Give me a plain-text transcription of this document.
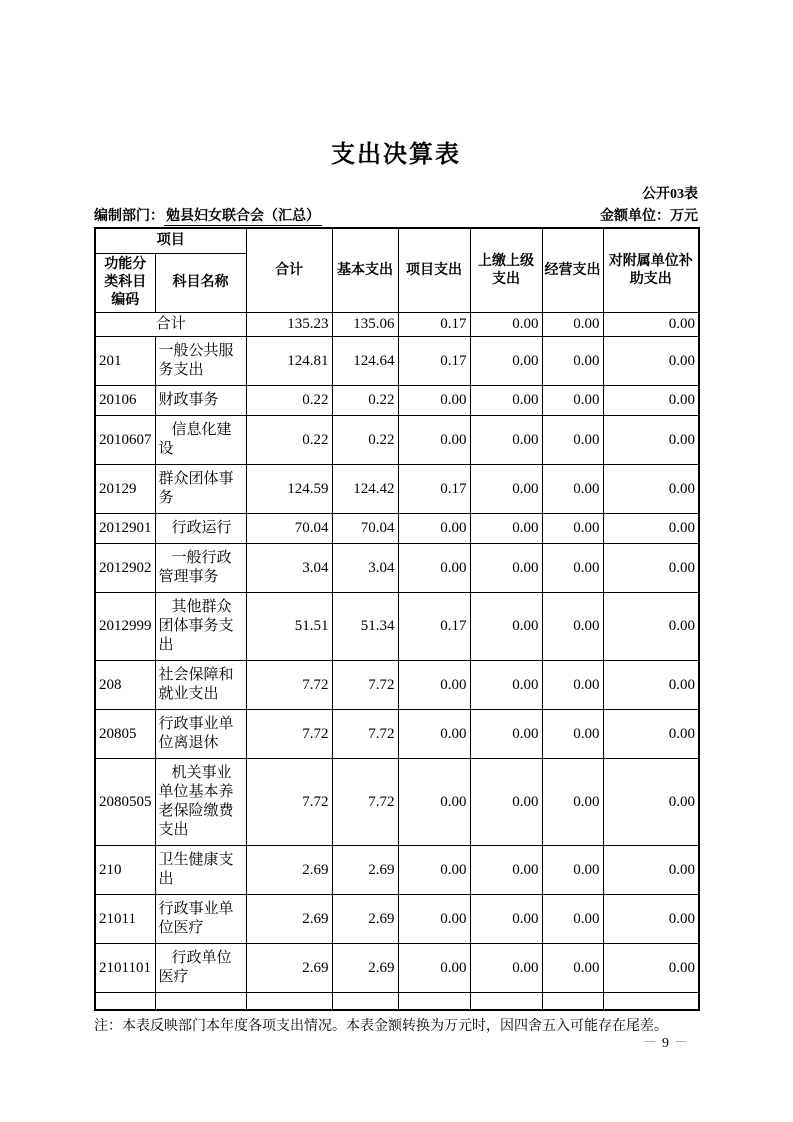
支出决算表
公开03表
编制部门： 勉县妇女联合会（汇总）	金额单位：万元
项目		合计	基本支出	项目支出	上缴上级支出	经营支出	对附属单位补助支出
功能分类科目编码	科目名称						
合计		135.23	135.06	0.17	0.00	0.00	0.00
201	一般公共服务支出	124.81	124.64	0.17	0.00	0.00	0.00
20106	财政事务	0.22	0.22	0.00	0.00	0.00	0.00
2010607	信息化建设	0.22	0.22	0.00	0.00	0.00	0.00
20129	群众团体事务	124.59	124.42	0.17	0.00	0.00	0.00
2012901	行政运行	70.04	70.04	0.00	0.00	0.00	0.00
2012902	一般行政管理事务	3.04	3.04	0.00	0.00	0.00	0.00
2012999	其他群众团体事务支出	51.51	51.34	0.17	0.00	0.00	0.00
208	社会保障和就业支出	7.72	7.72	0.00	0.00	0.00	0.00
20805	行政事业单位离退休	7.72	7.72	0.00	0.00	0.00	0.00
2080505	机关事业单位基本养老保险缴费支出	7.72	7.72	0.00	0.00	0.00	0.00
210	卫生健康支出	2.69	2.69	0.00	0.00	0.00	0.00
21011	行政事业单位医疗	2.69	2.69	0.00	0.00	0.00	0.00
2101101	行政单位医疗	2.69	2.69	0.00	0.00	0.00	0.00

注：本表反映部门本年度各项支出情况。本表金额转换为万元时，因四舍五入可能存在尾差。

－ 9 －
